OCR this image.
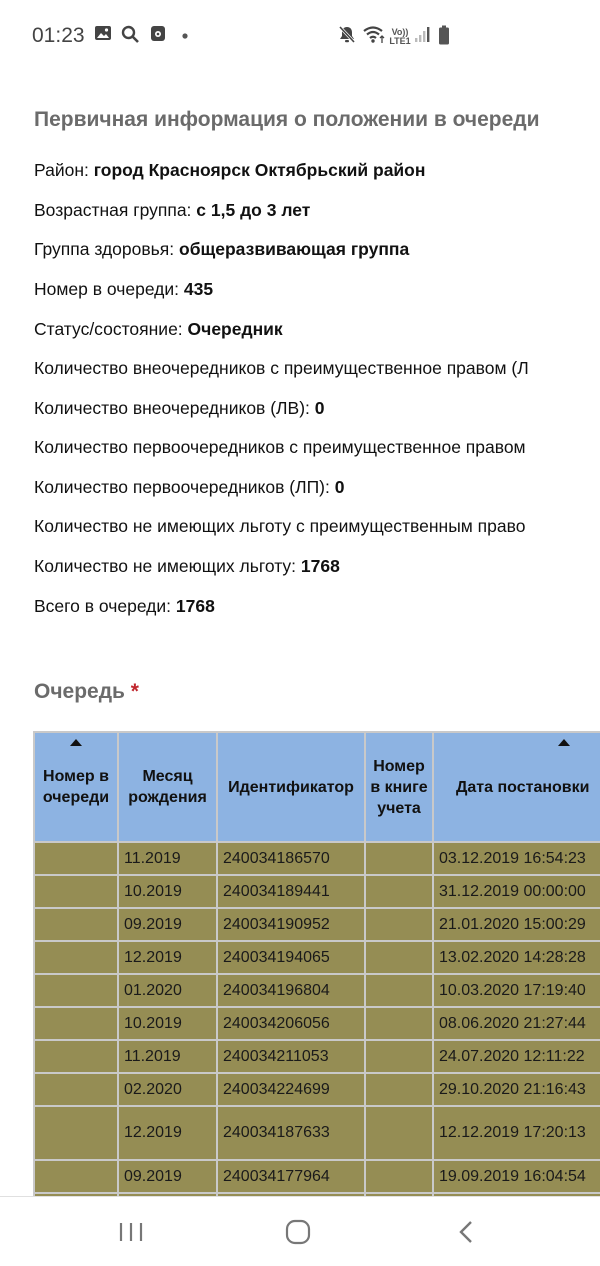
01:23	Vo)) LTE1
Первичная информация о положении в очереди
Район: город Красноярск Октябрьский район
Возрастная группа: с 1,5 до 3 лет
Группа здоровья: общеразвивающая группа
Номер в очереди: 435
Статус/состояние: Очередник
Количество внеочередников с преимущественное правом (Л
Количество внеочередников (ЛВ): 0
Количество первоочередников с преимущественное правом
Количество первоочередников (ЛП): 0
Количество не имеющих льготу с преимущественным право
Количество не имеющих льготу: 1768
Всего в очереди: 1768
Очередь *
Номер в очереди	Месяц рождения	Идентификатор	Номер в книге учета	Дата постановки
	11.2019	240034186570		03.12.2019 16:54:23
	10.2019	240034189441		31.12.2019 00:00:00
	09.2019	240034190952		21.01.2020 15:00:29
	12.2019	240034194065		13.02.2020 14:28:28
	01.2020	240034196804		10.03.2020 17:19:40
	10.2019	240034206056		08.06.2020 21:27:44
	11.2019	240034211053		24.07.2020 12:11:22
	02.2020	240034224699		29.10.2020 21:16:43
	12.2019	240034187633		12.12.2019 17:20:13
	09.2019	240034177964		19.09.2019 16:04:54
